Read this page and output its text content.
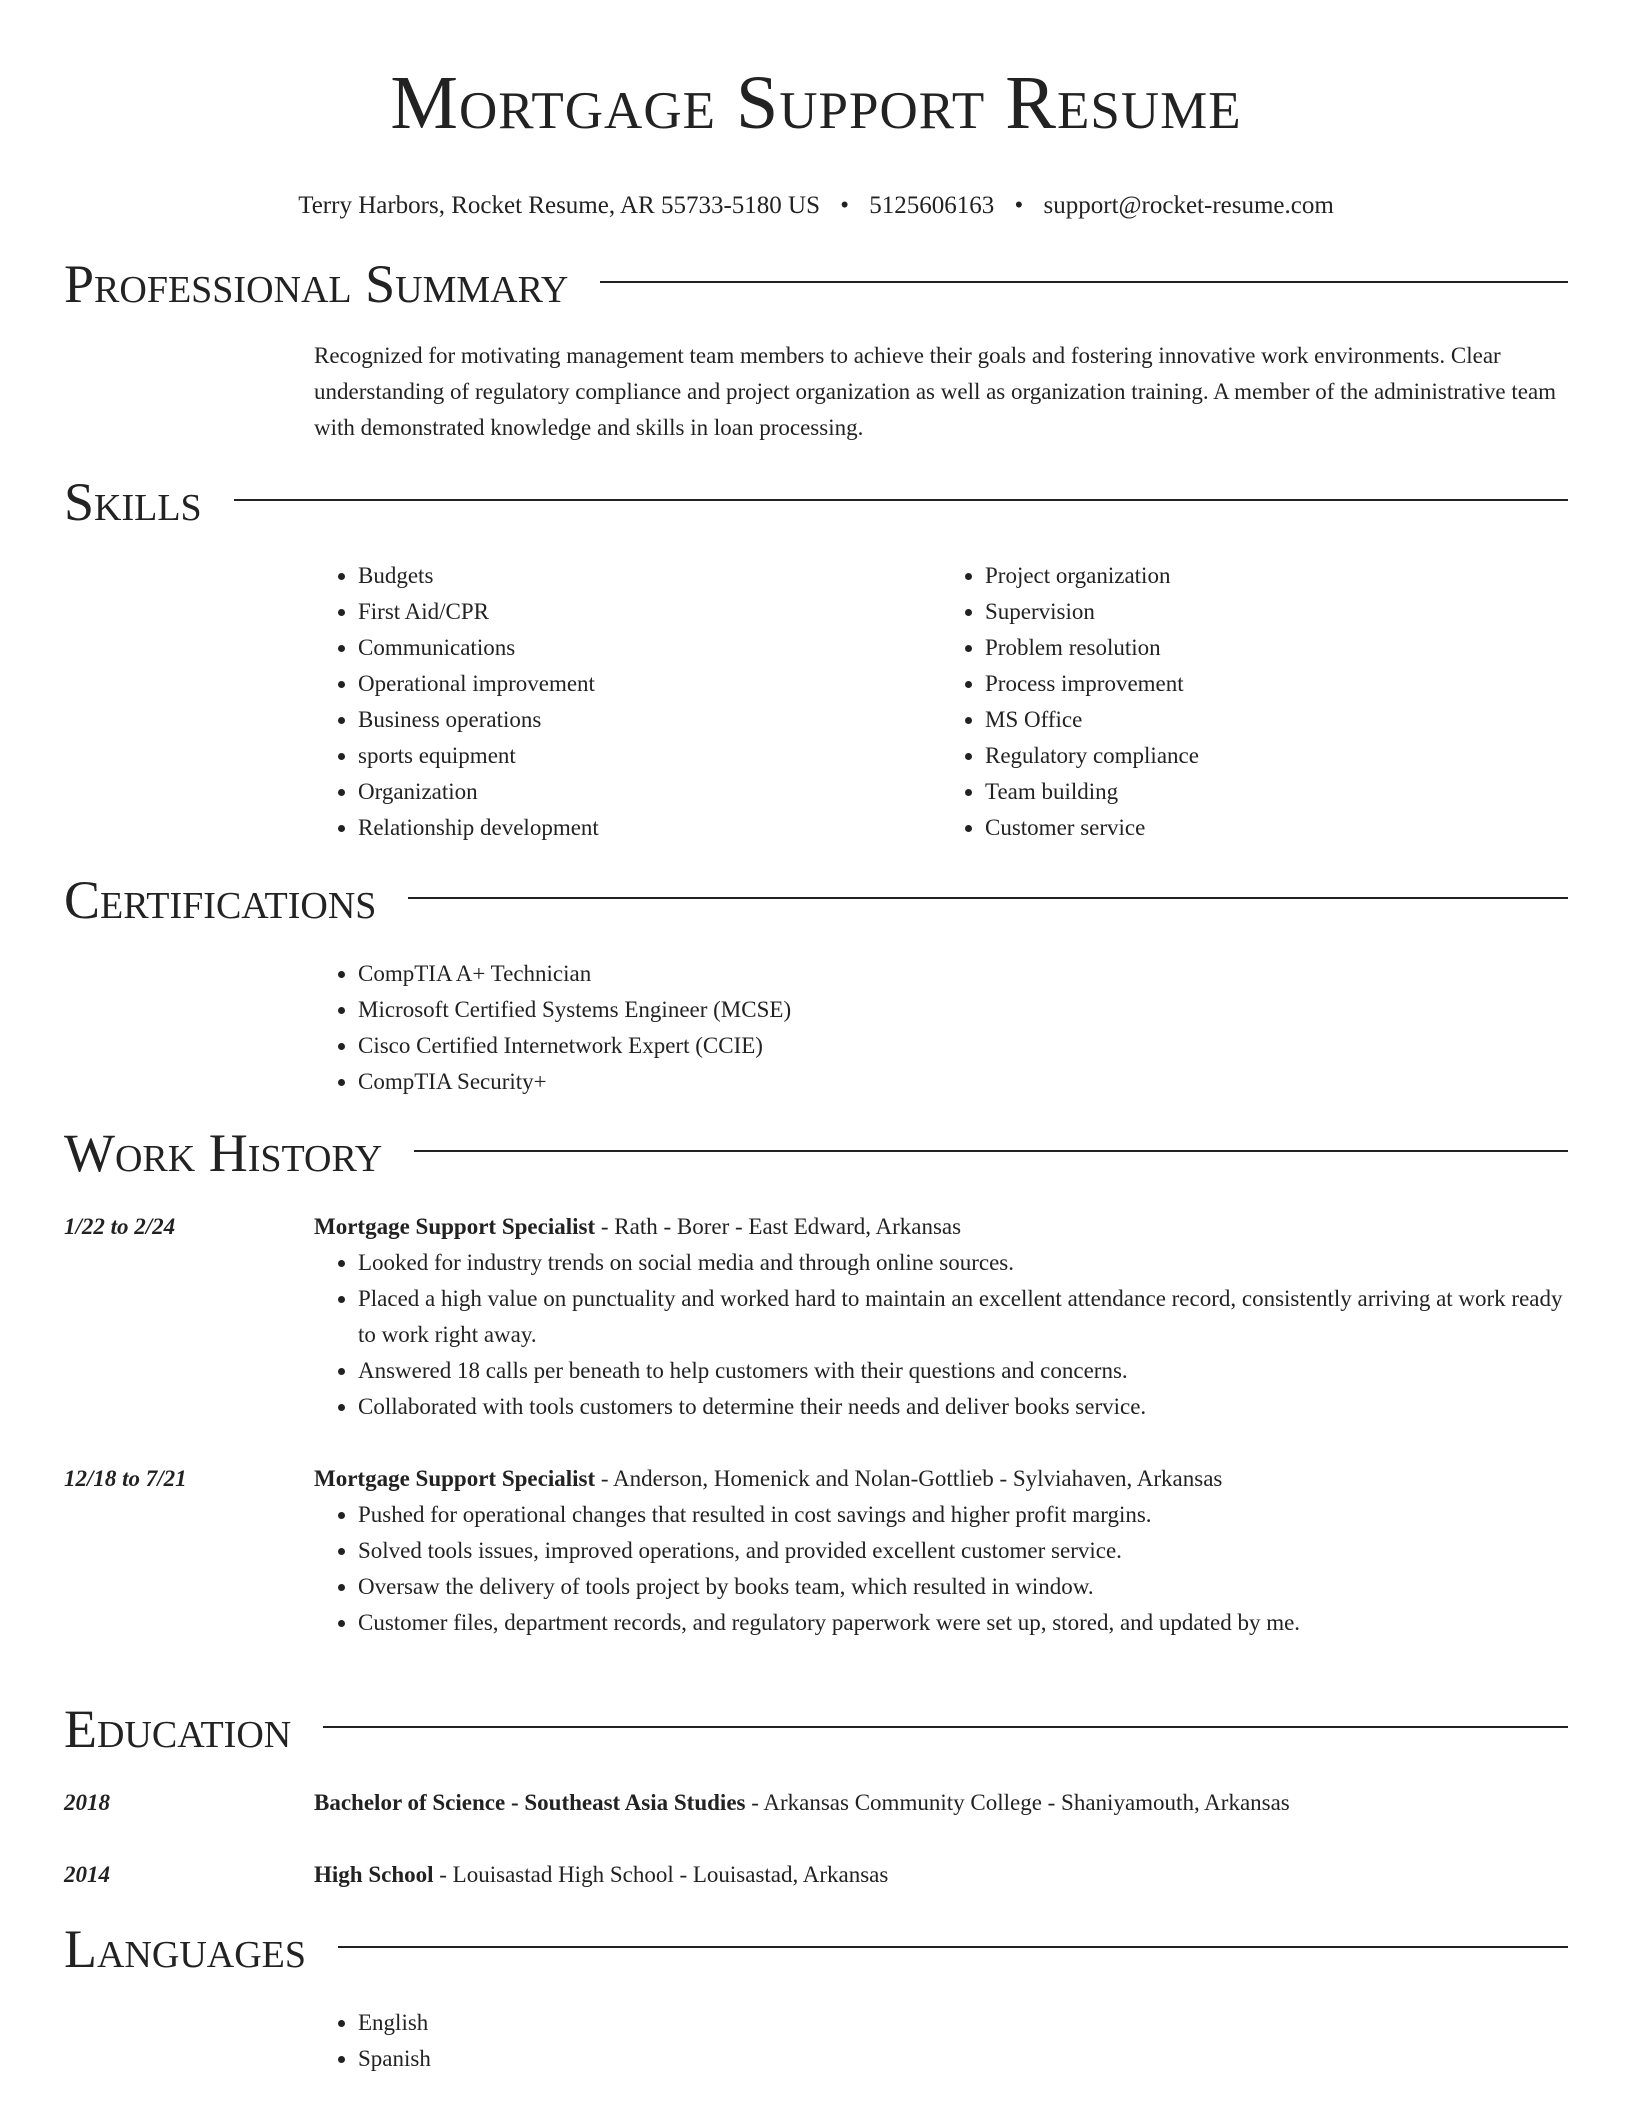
Mortgage Support Resume
Terry Harbors, Rocket Resume, AR 55733-5180 US • 5125606163 • support@rocket-resume.com
Professional Summary
Recognized for motivating management team members to achieve their goals and fostering innovative work environments. Clear understanding of regulatory compliance and project organization as well as organization training. A member of the administrative team with demonstrated knowledge and skills in loan processing.
Skills
• Budgets
• First Aid/CPR
• Communications
• Operational improvement
• Business operations
• sports equipment
• Organization
• Relationship development
• Project organization
• Supervision
• Problem resolution
• Process improvement
• MS Office
• Regulatory compliance
• Team building
• Customer service
Certifications
• CompTIA A+ Technician
• Microsoft Certified Systems Engineer (MCSE)
• Cisco Certified Internetwork Expert (CCIE)
• CompTIA Security+
Work History
1/22 to 2/24	Mortgage Support Specialist - Rath - Borer - East Edward, Arkansas
• Looked for industry trends on social media and through online sources.
• Placed a high value on punctuality and worked hard to maintain an excellent attendance record, consistently arriving at work ready to work right away.
• Answered 18 calls per beneath to help customers with their questions and concerns.
• Collaborated with tools customers to determine their needs and deliver books service.
12/18 to 7/21	Mortgage Support Specialist - Anderson, Homenick and Nolan-Gottlieb - Sylviahaven, Arkansas
• Pushed for operational changes that resulted in cost savings and higher profit margins.
• Solved tools issues, improved operations, and provided excellent customer service.
• Oversaw the delivery of tools project by books team, which resulted in window.
• Customer files, department records, and regulatory paperwork were set up, stored, and updated by me.
Education
2018	Bachelor of Science - Southeast Asia Studies - Arkansas Community College - Shaniyamouth, Arkansas
2014	High School - Louisastad High School - Louisastad, Arkansas
Languages
• English
• Spanish
